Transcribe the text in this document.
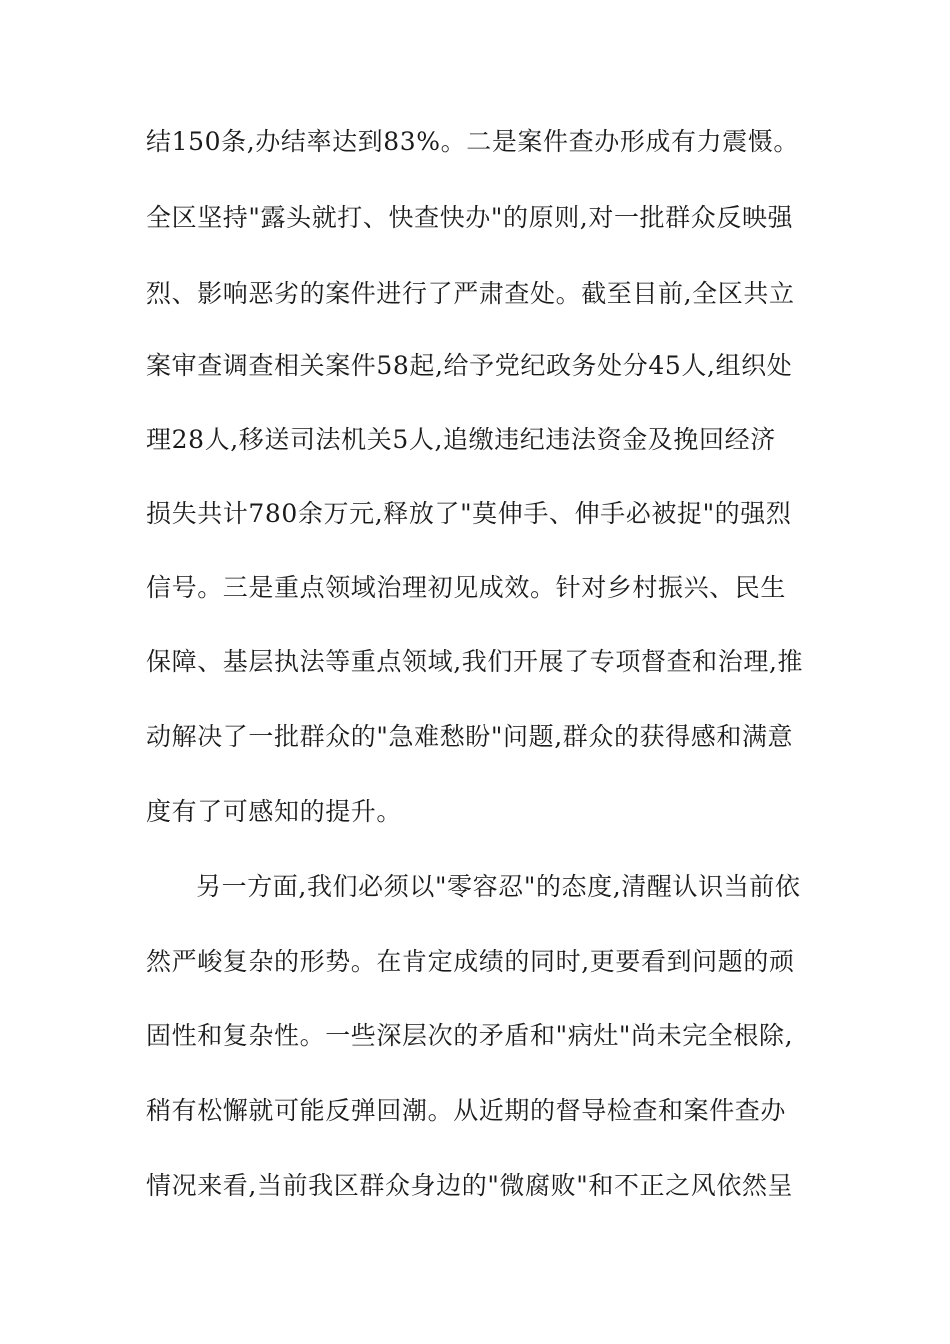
结150条,办结率达到83%。二是案件查办形成有力震慑。
全区坚持"露头就打、快查快办"的原则,对一批群众反映强
烈、影响恶劣的案件进行了严肃查处。截至目前,全区共立
案审查调查相关案件58起,给予党纪政务处分45人,组织处
理28人,移送司法机关5人,追缴违纪违法资金及挽回经济
损失共计780余万元,释放了"莫伸手、伸手必被捉"的强烈
信号。三是重点领域治理初见成效。针对乡村振兴、民生
保障、基层执法等重点领域,我们开展了专项督查和治理,推
动解决了一批群众的"急难愁盼"问题,群众的获得感和满意
度有了可感知的提升。
另一方面,我们必须以"零容忍"的态度,清醒认识当前依
然严峻复杂的形势。在肯定成绩的同时,更要看到问题的顽
固性和复杂性。一些深层次的矛盾和"病灶"尚未完全根除,
稍有松懈就可能反弹回潮。从近期的督导检查和案件查办
情况来看,当前我区群众身边的"微腐败"和不正之风依然呈
